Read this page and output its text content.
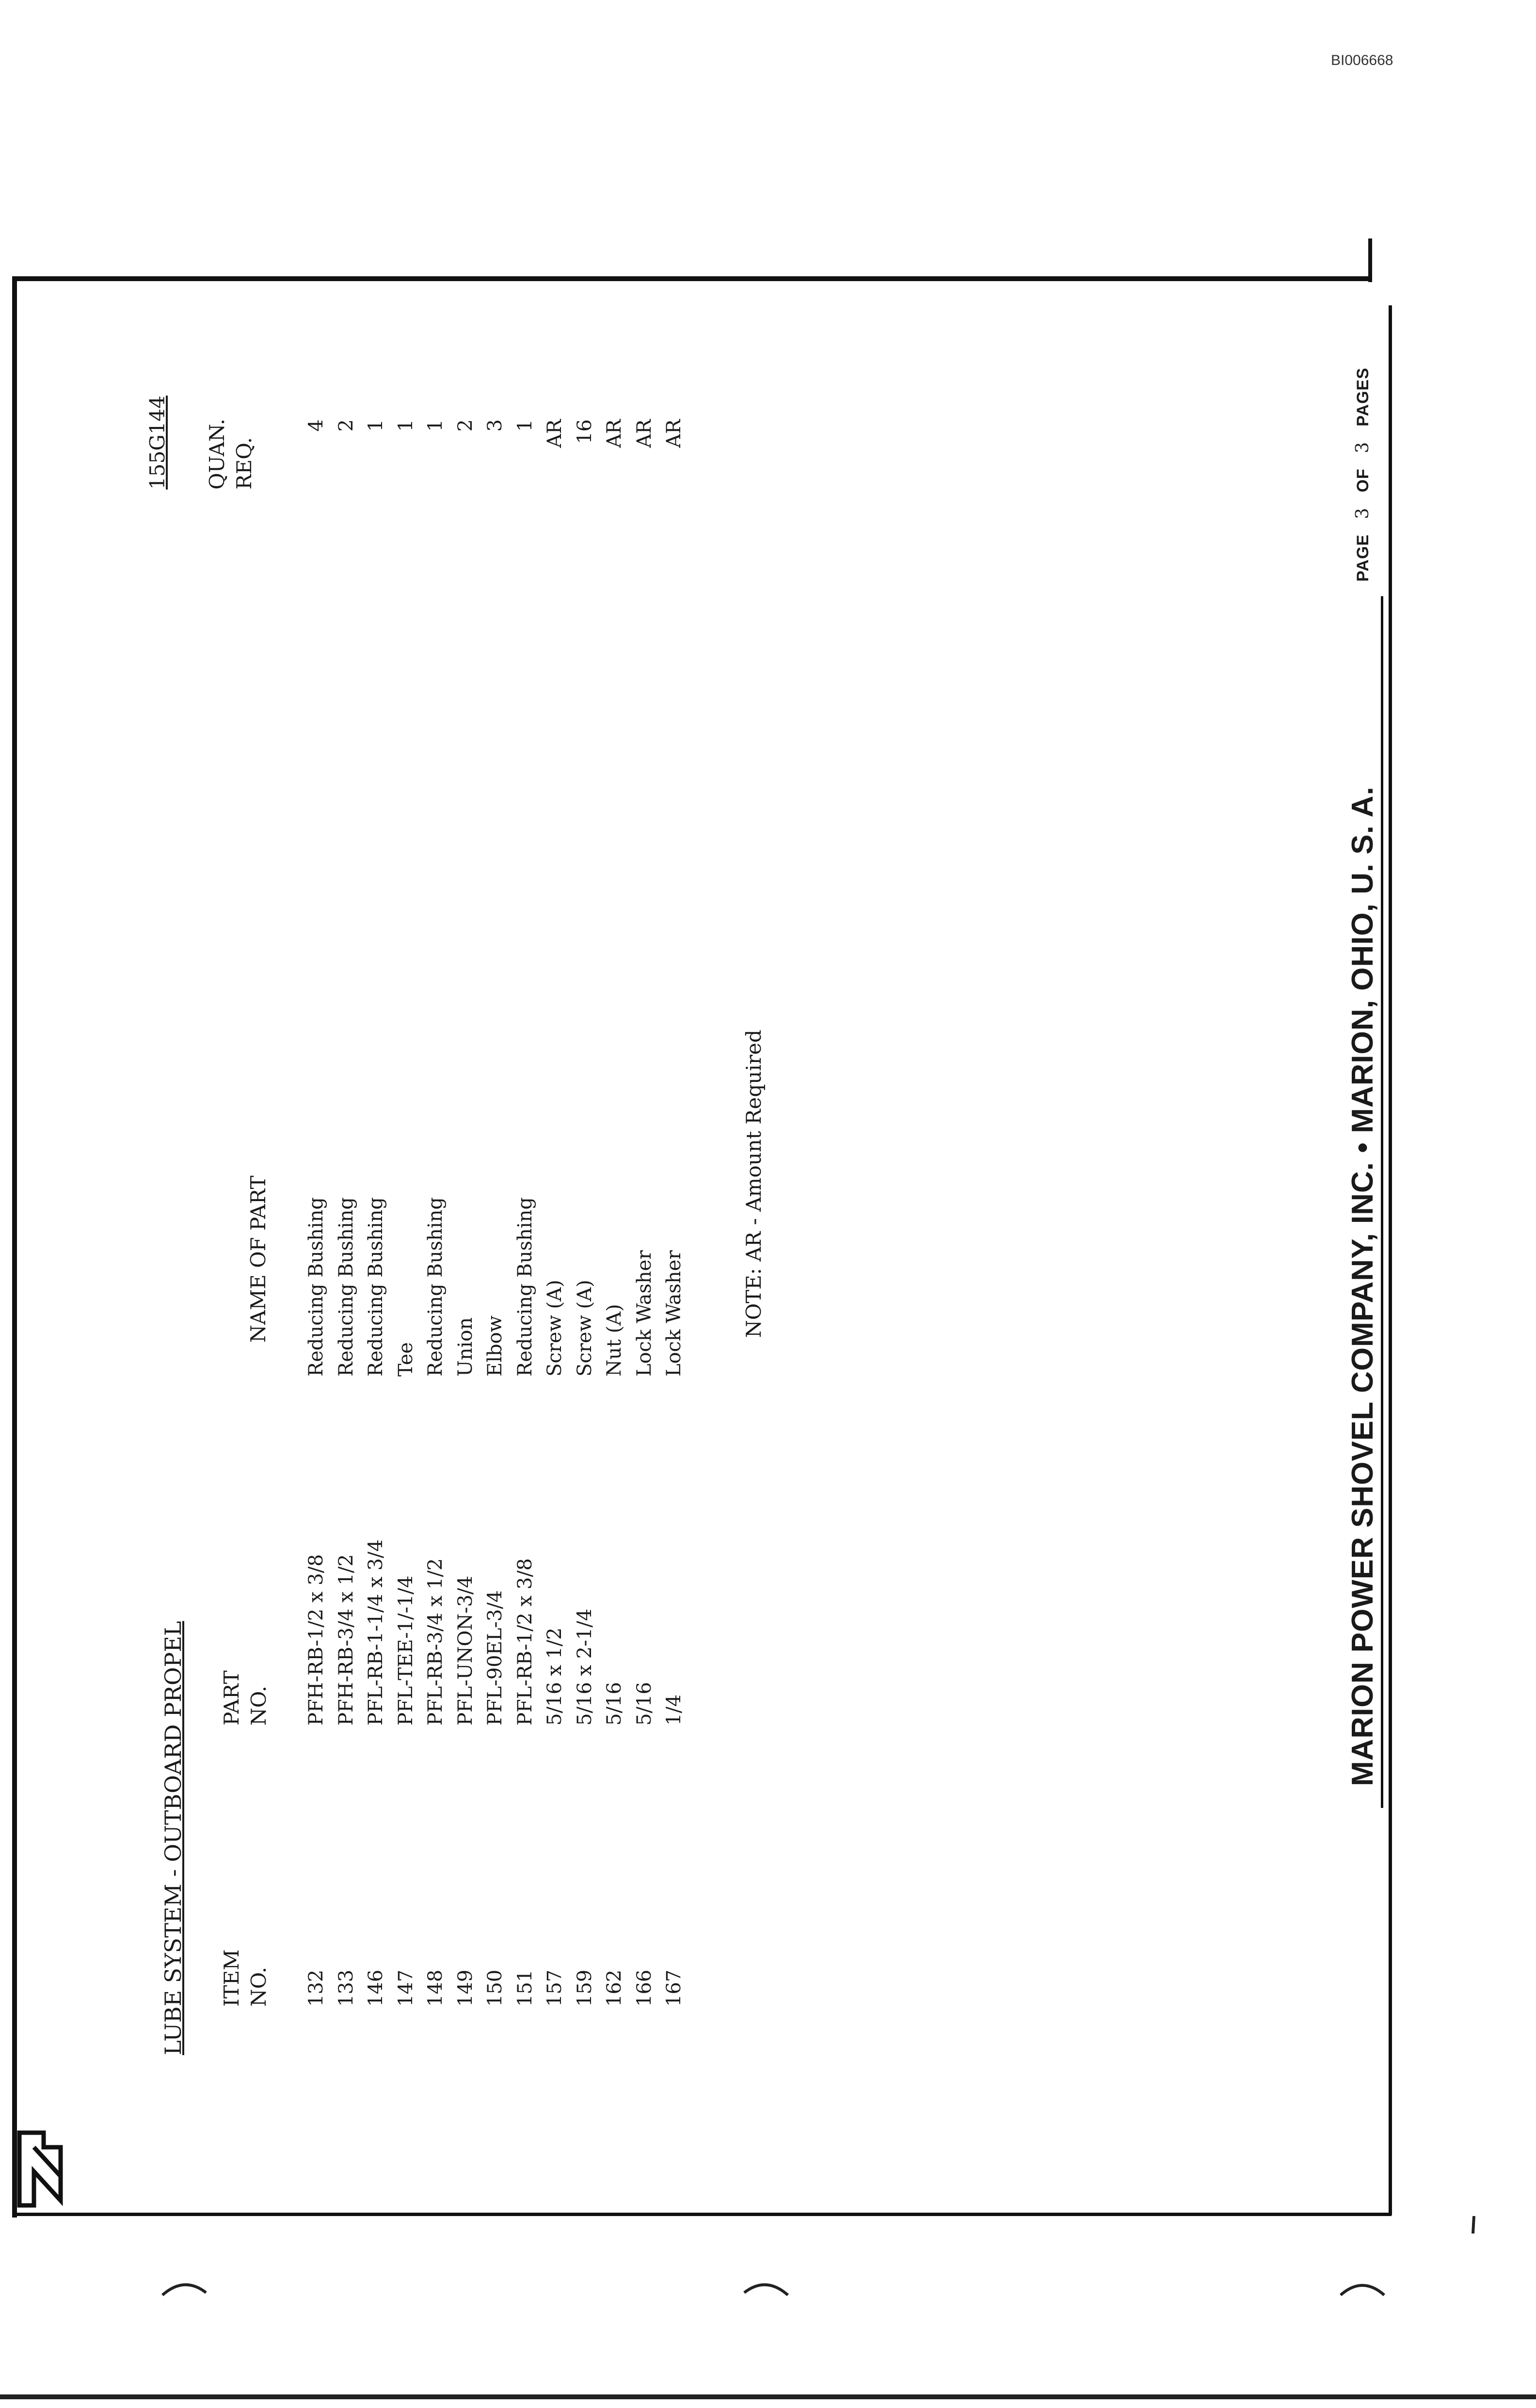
BI006668
LUBE SYSTEM - OUTBOARD PROPEL
155G144
ITEM NO.
PART NO.
NAME OF PART
QUAN. REQ.
132 133 146 147 148 149 150 151 157 159 162 166 167
PFH-RB-1/2 x 3/8 PFH-RB-3/4 x 1/2 PFL-RB-1-1/4 x 3/4 PFL-TEE-1/-1/4 PFL-RB-3/4 x 1/2 PFL-UNON-3/4 PFL-90EL-3/4 PFL-RB-1/2 x 3/8 5/16 x 1/2 5/16 x 2-1/4 5/16 5/16 1/4
Reducing Bushing Reducing Bushing Reducing Bushing Tee Reducing Bushing Union Elbow Reducing Bushing Screw (A) Screw (A) Nut (A) Lock Washer Lock Washer
4 2 1 1 1 2 3 1 AR 16 AR AR AR
NOTE: AR - Amount Required	MARION POWER SHOVEL COMPANY, INC. • MARION, OHIO, U. S. A.
PAGE   3   OF   3   PAGES
